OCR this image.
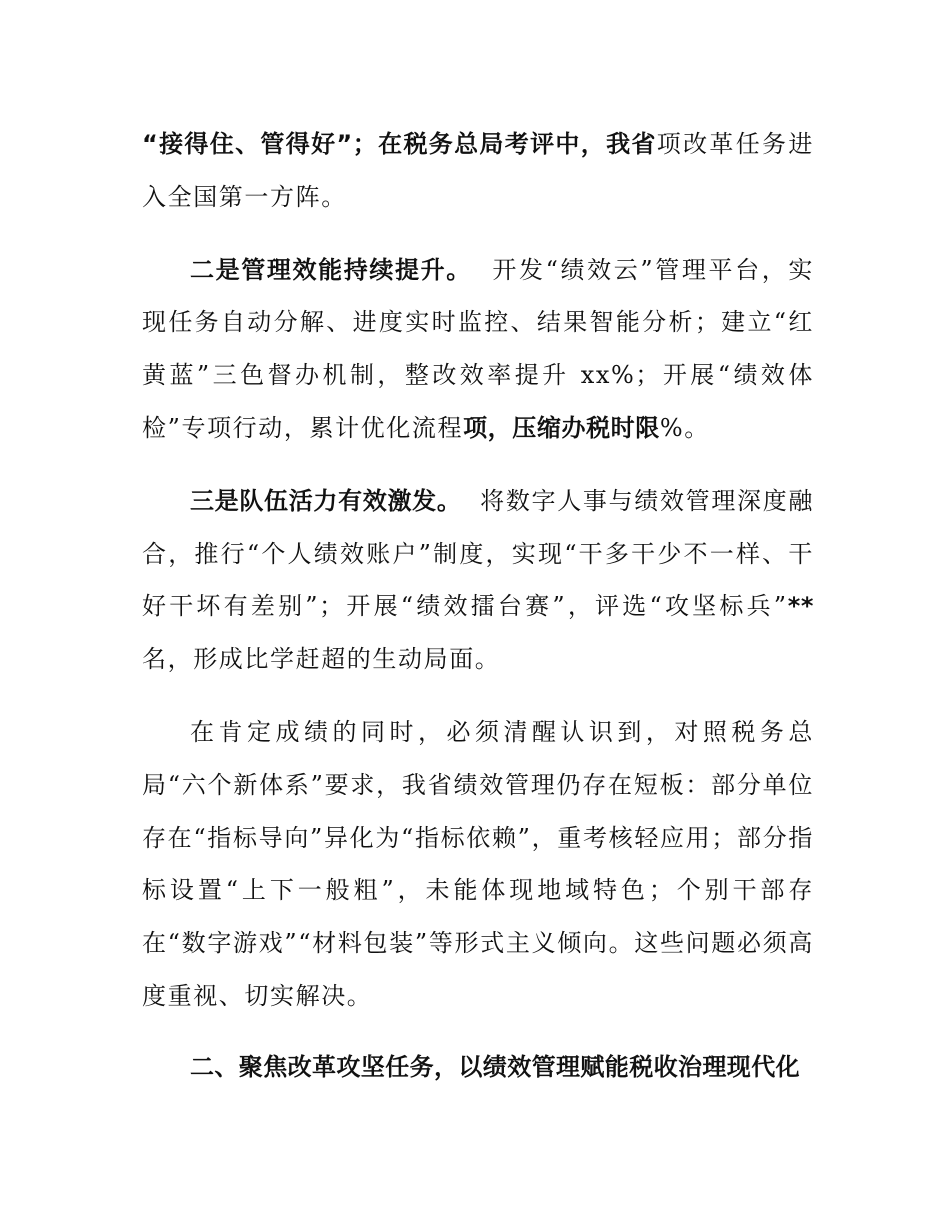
“接得住、管得好”；在税务总局考评中，我省项改革任务进入全国第一方阵。

二是管理效能持续提升。 开发“绩效云”管理平台，实现任务自动分解、进度实时监控、结果智能分析；建立“红黄蓝”三色督办机制，整改效率提升 xx%；开展“绩效体检”专项行动，累计优化流程项，压缩办税时限%。

三是队伍活力有效激发。 将数字人事与绩效管理深度融合，推行“个人绩效账户”制度，实现“干多干少不一样、干好干坏有差别”；开展“绩效擂台赛”，评选“攻坚标兵”**名，形成比学赶超的生动局面。

在肯定成绩的同时，必须清醒认识到，对照税务总局“六个新体系”要求，我省绩效管理仍存在短板：部分单位存在“指标导向”异化为“指标依赖”，重考核轻应用；部分指标设置“上下一般粗”，未能体现地域特色；个别干部存在“数字游戏”“材料包装”等形式主义倾向。这些问题必须高度重视、切实解决。

二、聚焦改革攻坚任务，以绩效管理赋能税收治理现代化
